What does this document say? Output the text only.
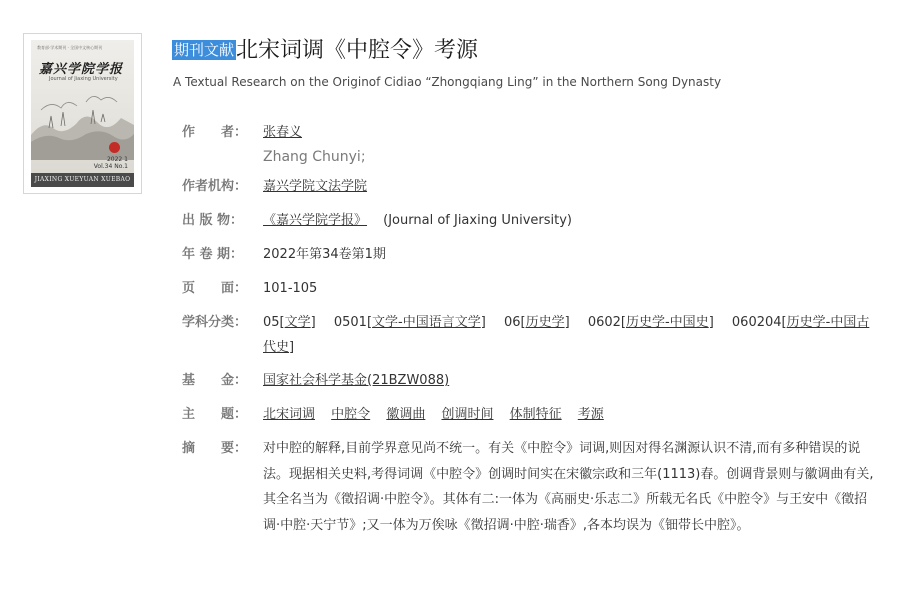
教育部·学术期刊 · 全国中文核心期刊
嘉兴学院学报
Journal of Jiaxing University
2022 1
Vol.34 No.1
JIAXING XUEYUAN XUEBAO
期刊文献北宋词调《中腔令》考源
A Textual Research on the Originof Cidiao “Zhongqiang Ling” in the Northern Song Dynasty
作　　者：	张春义
Zhang Chunyi;
作者机构：	嘉兴学院文法学院
出 版 物：	《嘉兴学院学报》 (Journal of Jiaxing University)
年 卷 期：	2022年第34卷第1期
页　　面：	101-105
学科分类：	05[文学] 0501[文学-中国语言文学] 06[历史学] 0602[历史学-中国史] 060204[历史学-中国古代史]
基　　金：	国家社会科学基金(21BZW088)
主　　题：	北宋词调 中腔令 徽调曲 创调时间 体制特征 考源
摘　　要：	对中腔的解释,目前学界意见尚不统一。有关《中腔令》词调,则因对得名渊源认识不清,而有多种错误的说法。现据相关史料,考得词调《中腔令》创调时间实在宋徽宗政和三年(1113)春。创调背景则与徽调曲有关,其全名当为《徵招调·中腔令》。其体有二:一体为《高丽史·乐志二》所载无名氏《中腔令》与王安中《徵招调·中腔·天宁节》;又一体为万俟咏《徵招调·中腔·瑞香》,各本均误为《钿带长中腔》。
